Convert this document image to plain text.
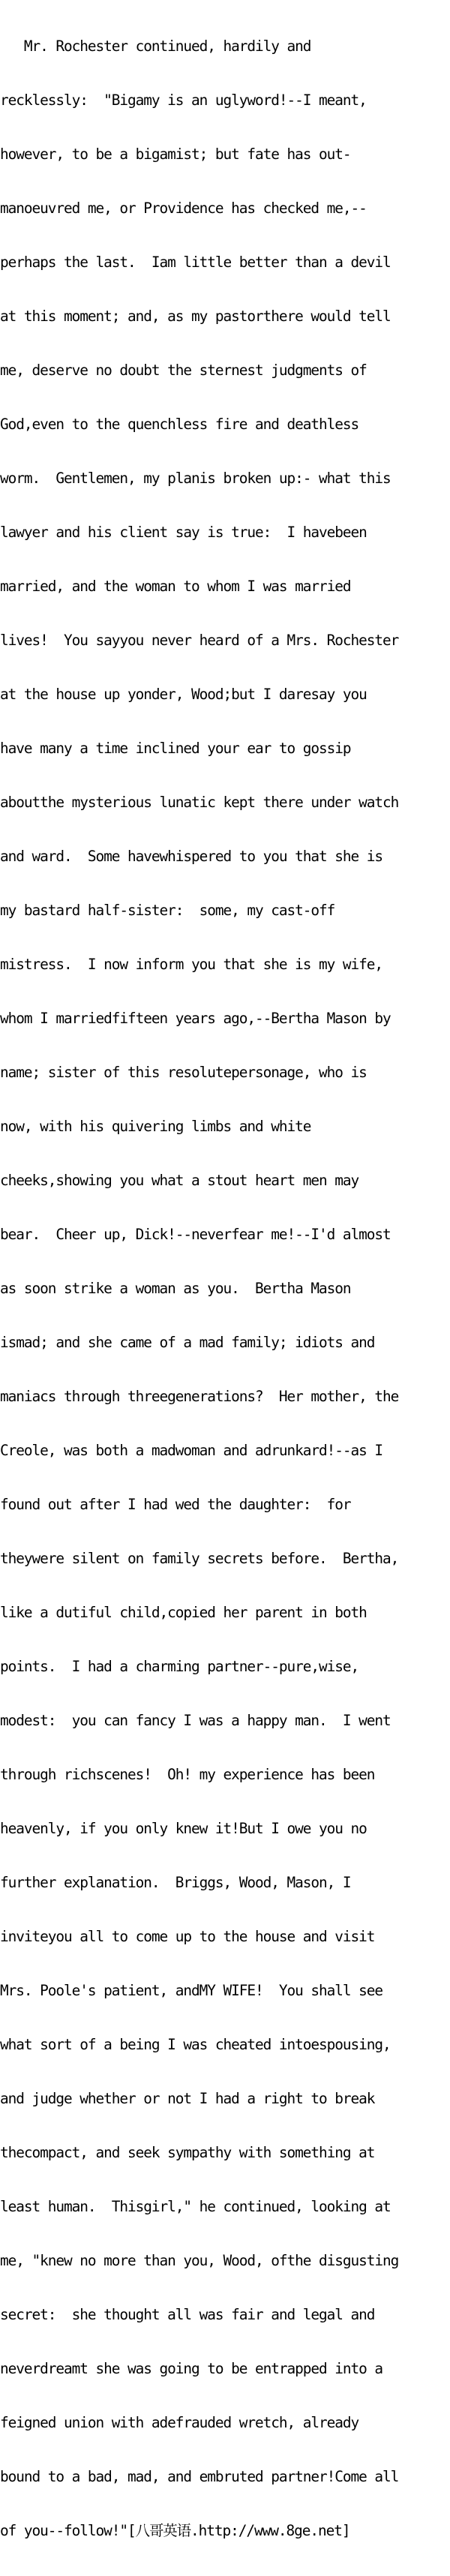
Mr. Rochester continued, hardily and

recklessly:  "Bigamy is an uglyword!--I meant,

however, to be a bigamist; but fate has out-

manoeuvred me, or Providence has checked me,--

perhaps the last.  Iam little better than a devil

at this moment; and, as my pastorthere would tell

me, deserve no doubt the sternest judgments of

God,even to the quenchless fire and deathless

worm.  Gentlemen, my planis broken up:- what this

lawyer and his client say is true:  I havebeen

married, and the woman to whom I was married

lives!  You sayyou never heard of a Mrs. Rochester

at the house up yonder, Wood;but I daresay you

have many a time inclined your ear to gossip

aboutthe mysterious lunatic kept there under watch

and ward.  Some havewhispered to you that she is

my bastard half-sister:  some, my cast-off

mistress.  I now inform you that she is my wife,

whom I marriedfifteen years ago,--Bertha Mason by

name; sister of this resolutepersonage, who is

now, with his quivering limbs and white

cheeks,showing you what a stout heart men may

bear.  Cheer up, Dick!--neverfear me!--I'd almost

as soon strike a woman as you.  Bertha Mason

ismad; and she came of a mad family; idiots and

maniacs through threegenerations?  Her mother, the

Creole, was both a madwoman and adrunkard!--as I

found out after I had wed the daughter:  for

theywere silent on family secrets before.  Bertha,

like a dutiful child,copied her parent in both

points.  I had a charming partner--pure,wise,

modest:  you can fancy I was a happy man.  I went

through richscenes!  Oh! my experience has been

heavenly, if you only knew it!But I owe you no

further explanation.  Briggs, Wood, Mason, I

inviteyou all to come up to the house and visit

Mrs. Poole's patient, andMY WIFE!  You shall see

what sort of a being I was cheated intoespousing,

and judge whether or not I had a right to break

thecompact, and seek sympathy with something at

least human.  Thisgirl," he continued, looking at

me, "knew no more than you, Wood, ofthe disgusting

secret:  she thought all was fair and legal and

neverdreamt she was going to be entrapped into a

feigned union with adefrauded wretch, already

bound to a bad, mad, and embruted partner!Come all

of you--follow!"[八哥英语.http://www.8ge.net]
